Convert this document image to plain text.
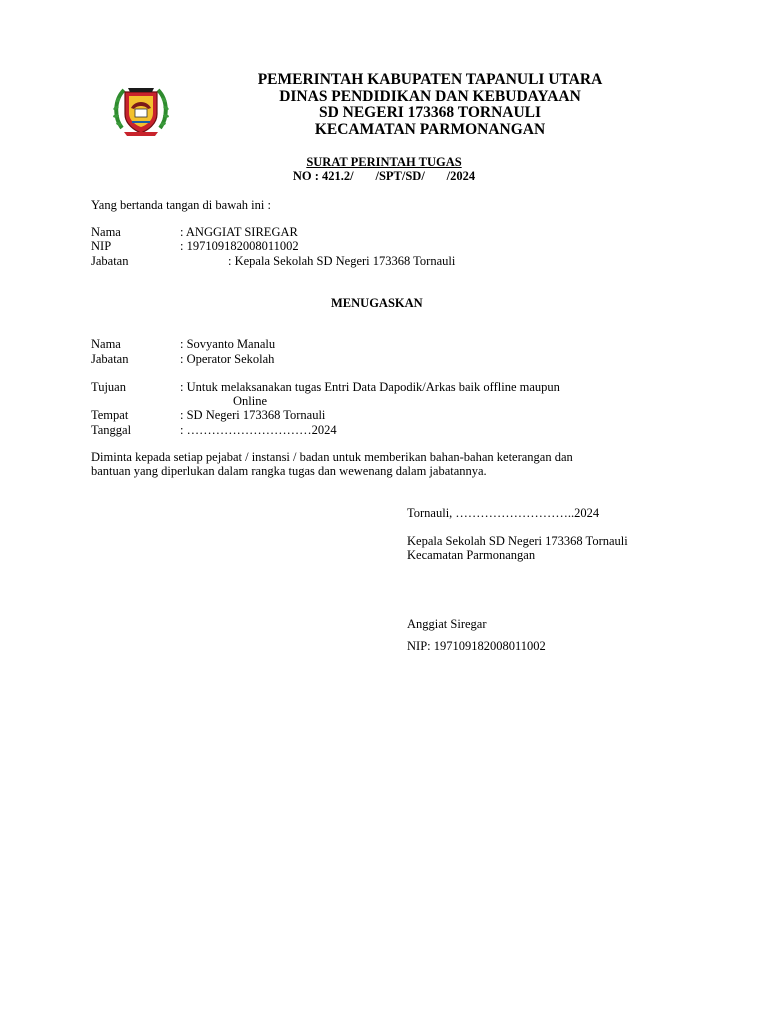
PEMERINTAH KABUPATEN TAPANULI UTARA
DINAS PENDIDIKAN DAN KEBUDAYAAN
SD NEGERI 173368 TORNAULI
KECAMATAN PARMONANGAN
SURAT PERINTAH TUGAS
NO : 421.2/       /SPT/SD/       /2024
Yang bertanda tangan di bawah ini :
Nama	: ANGGIAT SIREGAR
NIP	: 197109182008011002
Jabatan	: Kepala Sekolah SD Negeri 173368 Tornauli
MENUGASKAN
Nama	: Sovyanto Manalu
Jabatan	: Operator Sekolah
Tujuan	: Untuk melaksanakan tugas Entri Data Dapodik/Arkas baik offline maupun
Online
Tempat	: SD Negeri 173368 Tornauli
Tanggal	: …………………………2024
Diminta kepada setiap pejabat / instansi / badan untuk memberikan bahan-bahan keterangan dan
bantuan yang diperlukan dalam rangka tugas dan wewenang dalam jabatannya.
Tornauli, ………………………..2024
Kepala Sekolah SD Negeri 173368 Tornauli
Kecamatan Parmonangan
Anggiat Siregar
NIP: 197109182008011002
